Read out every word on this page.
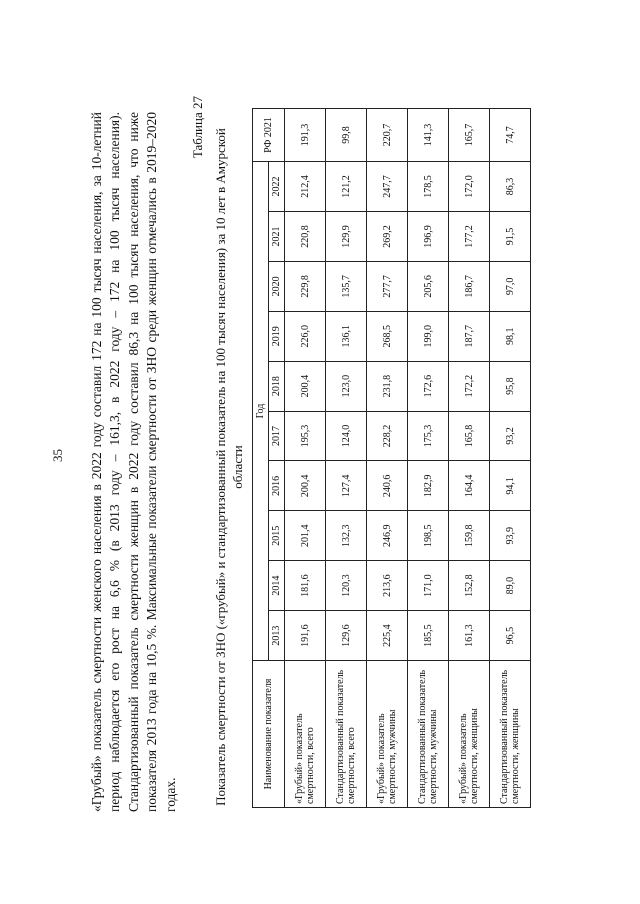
35 «Грубый» показатель смертности женского населения в 2022 году составил 172 на 100 тысяч населения, за 10-летний период наблюдается его рост на 6,6 % (в 2013 году – 161,3, в 2022 году – 172 на 100 тысяч населения). Стандартизованный показатель смертности женщин в 2022 году составил 86,3 на 100 тысяч населения, что ниже показателя 2013 года на 10,5 %. Максимальные показатели смертности от ЗНО среди женщин отмечались в 2019–2020 годах.

Таблица 27
Показатель смертности от ЗНО («грубый» и стандартизованный показатель на 100 тысяч населения) за 10 лет в Амурской области
Наименование показателя	Год										РФ 2021
	2013	2014	2015	2016	2017	2018	2019	2020	2021	2022	
«Грубый» показатель смертности, всего	191,6	181,6	201,4	200,4	195,3	200,4	226,0	229,8	220,8	212,4	191,3
Стандартизованный показатель смертности, всего	129,6	120,3	132,3	127,4	124,0	123,0	136,1	135,7	129,9	121,2	99,8
«Грубый» показатель смертности, мужчины	225,4	213,6	246,9	240,6	228,2	231,8	268,5	277,7	269,2	247,7	220,7
Стандартизованный показатель смертности, мужчины	185,5	171,0	198,5	182,9	175,3	172,6	199,0	205,6	196,9	178,5	141,3
«Грубый» показатель смертности, женщины	161,3	152,8	159,8	164,4	165,8	172,2	187,7	186,7	177,2	172,0	165,7
Стандартизованный показатель смертности, женщины	96,5	89,0	93,9	94,1	93,2	95,8	98,1	97,0	91,5	86,3	74,7
